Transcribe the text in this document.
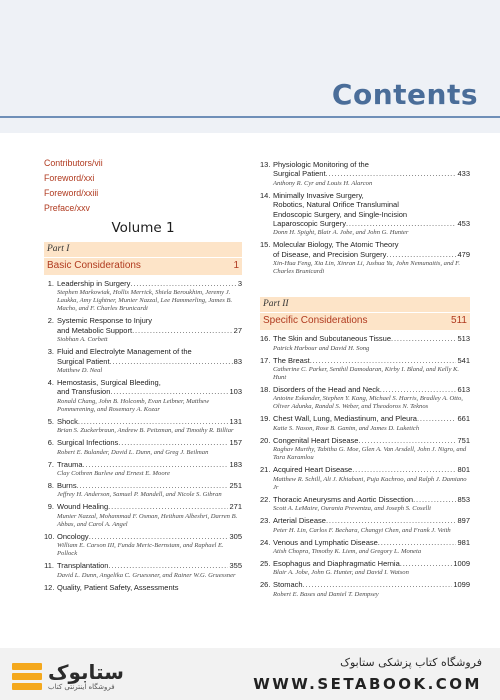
Contents
Contributors/vii
Foreword/xxi
Foreword/xxiii
Preface/xxv
Volume 1
Part I
Basic Considerations	1
1. Leadership in Surgery . . .	3
Stephen Markowiak, Hollis Merrick, Shiela Beroukhim, Jeremy J. Laukka, Amy Lightner, Munier Nazzal, Lee Hammerling, James B. Macho, and F. Charles Brunicardi
2. Systemic Response to Injury
and Metabolic Support . . .	27
Siobhan A. Corbett
3. Fluid and Electrolyte Management of the
Surgical Patient . . .	83
Matthew D. Neal
4. Hemostasis, Surgical Bleeding,
and Transfusion . . .	103
Ronald Chang, John B. Holcomb, Evan Leibner, Matthew Pommerening, and Rosemary A. Kozar
5. Shock . . .	131
Brian S. Zuckerbraun, Andrew B. Peitzman, and Timothy R. Billiar
6. Surgical Infections . . .	157
Robert E. Bulander, David L. Dunn, and Greg J. Beilman
7. Trauma . . .	183
Clay Cothren Burlew and Ernest E. Moore
8. Burns . . .	251
Jeffrey H. Anderson, Samuel P. Mandell, and Nicole S. Gibran
9. Wound Healing . . .	271
Munier Nazzal, Mohammad F. Osman, Heitham Albeshri, Darren B. Abbas, and Carol A. Angel
10. Oncology . . .	305
William E. Carson III, Funda Meric-Bernstam, and Raphael E. Pollock
11. Transplantation . . .	355
David L. Dunn, Angelika C. Gruessner, and Rainer W.G. Gruessner
12. Quality, Patient Safety, Assessments
13. Physiologic Monitoring of the
Surgical Patient . . .	433
Anthony R. Cyr and Louis H. Alarcon
14. Minimally Invasive Surgery,
Robotics, Natural Orifice Transluminal
Endoscopic Surgery, and Single-Incision
Laparoscopic Surgery . . .	453
Donn H. Spight, Blair A. Jobe, and John G. Hunter
15. Molecular Biology, The Atomic Theory
of Disease, and Precision Surgery . . .	479
Xin-Hua Feng, Xia Lin, Xinran Li, Jushua Yu, John Nemunaitis, and F. Charles Brunicardi
Part II
Specific Considerations	511
16. The Skin and Subcutaneous Tissue . . .	513
Patrick Harbour and David H. Song
17. The Breast . . .	541
Catherine C. Parker, Senthil Damodaran, Kirby I. Bland, and Kelly K. Hunt
18. Disorders of the Head and Neck . . .	613
Antoine Eskander, Stephen Y. Kang, Michael S. Harris, Bradley A. Otto, Oliver Adunka, Randal S. Weber, and Theodoros N. Teknos
19. Chest Wall, Lung, Mediastinum, and Pleura . . .	661
Katie S. Nason, Rose B. Ganim, and James D. Luketich
20. Congenital Heart Disease . . .	751
Raghav Murthy, Tabitha G. Moe, Glen A. Van Arsdell, John J. Nigro, and Tara Karamlou
21. Acquired Heart Disease . . .	801
Matthew R. Schill, Ali J. Khiabani, Puja Kachroo, and Ralph J. Damiano Jr
22. Thoracic Aneurysms and Aortic Dissection . . .	853
Scott A. LeMaire, Ourania Preventza, and Joseph S. Coselli
23. Arterial Disease . . .	897
Peter H. Lin, Carlos F. Bechara, Changyi Chen, and Frank J. Veith
24. Venous and Lymphatic Disease . . .	981
Atish Chopra, Timothy K. Liem, and Gregory L. Moneta
25. Esophagus and Diaphragmatic Hernia . . .	1009
Blair A. Jobe, John G. Hunter, and David I. Watson
26. Stomach . . .	1099
Robert E. Bases and Daniel T. Dempsey
ستابوک
فروشگاه اینترنتی کتاب
فروشگاه کتاب پزشکی ستابوک
WWW.SETABOOK.COM
